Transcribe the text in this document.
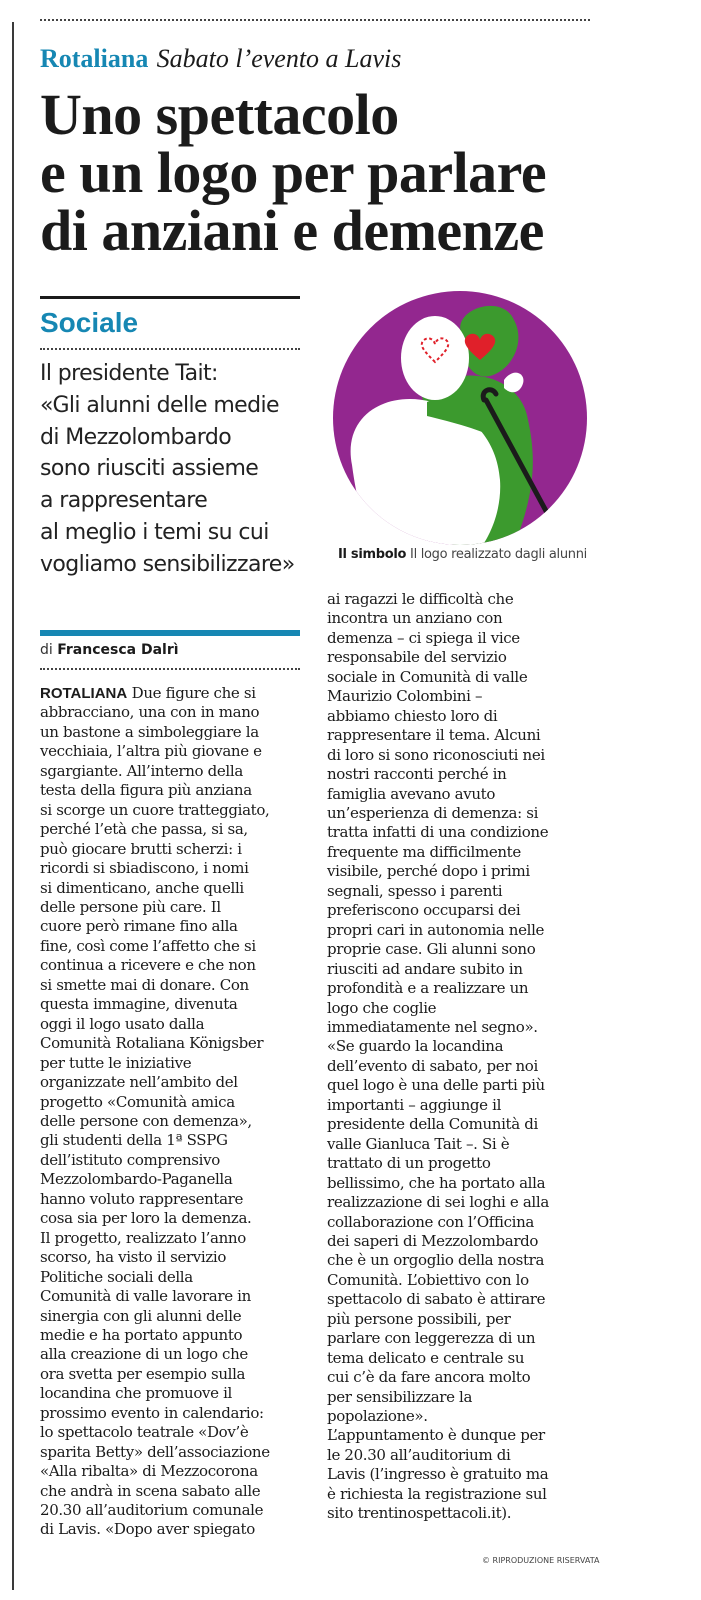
Rotaliana Sabato l’evento a Lavis
Uno spettacolo
e un logo per parlare
di anziani e demenze
Sociale
Il presidente Tait:
«Gli alunni delle medie
di Mezzolombardo
sono riusciti assieme
a rappresentare
al meglio i temi su cui
vogliamo sensibilizzare»
di Francesca Dalrì
Il simbolo Il logo realizzato dagli alunni
ROTALIANA Due figure che si
abbracciano, una con in mano
un bastone a simboleggiare la
vecchiaia, l’altra più giovane e
sgargiante. All’interno della
testa della figura più anziana
si scorge un cuore tratteggiato,
perché l’età che passa, si sa,
può giocare brutti scherzi: i
ricordi si sbiadiscono, i nomi
si dimenticano, anche quelli
delle persone più care. Il
cuore però rimane fino alla
fine, così come l’affetto che si
continua a ricevere e che non
si smette mai di donare. Con
questa immagine, divenuta
oggi il logo usato dalla
Comunità Rotaliana Königsber
per tutte le iniziative
organizzate nell’ambito del
progetto «Comunità amica
delle persone con demenza»,
gli studenti della 1ª SSPG
dell’istituto comprensivo
Mezzolombardo-Paganella
hanno voluto rappresentare
cosa sia per loro la demenza.
Il progetto, realizzato l’anno
scorso, ha visto il servizio
Politiche sociali della
Comunità di valle lavorare in
sinergia con gli alunni delle
medie e ha portato appunto
alla creazione di un logo che
ora svetta per esempio sulla
locandina che promuove il
prossimo evento in calendario:
lo spettacolo teatrale «Dov’è
sparita Betty» dell’associazione
«Alla ribalta» di Mezzocorona
che andrà in scena sabato alle
20.30 all’auditorium comunale
di Lavis. «Dopo aver spiegato
ai ragazzi le difficoltà che
incontra un anziano con
demenza – ci spiega il vice
responsabile del servizio
sociale in Comunità di valle
Maurizio Colombini –
abbiamo chiesto loro di
rappresentare il tema. Alcuni
di loro si sono riconosciuti nei
nostri racconti perché in
famiglia avevano avuto
un’esperienza di demenza: si
tratta infatti di una condizione
frequente ma difficilmente
visibile, perché dopo i primi
segnali, spesso i parenti
preferiscono occuparsi dei
propri cari in autonomia nelle
proprie case. Gli alunni sono
riusciti ad andare subito in
profondità e a realizzare un
logo che coglie
immediatamente nel segno».
«Se guardo la locandina
dell’evento di sabato, per noi
quel logo è una delle parti più
importanti – aggiunge il
presidente della Comunità di
valle Gianluca Tait –. Si è
trattato di un progetto
bellissimo, che ha portato alla
realizzazione di sei loghi e alla
collaborazione con l’Officina
dei saperi di Mezzolombardo
che è un orgoglio della nostra
Comunità. L’obiettivo con lo
spettacolo di sabato è attirare
più persone possibili, per
parlare con leggerezza di un
tema delicato e centrale su
cui c’è da fare ancora molto
per sensibilizzare la
popolazione».
L’appuntamento è dunque per
le 20.30 all’auditorium di
Lavis (l’ingresso è gratuito ma
è richiesta la registrazione sul
sito trentinospettacoli.it).
© RIPRODUZIONE RISERVATA
